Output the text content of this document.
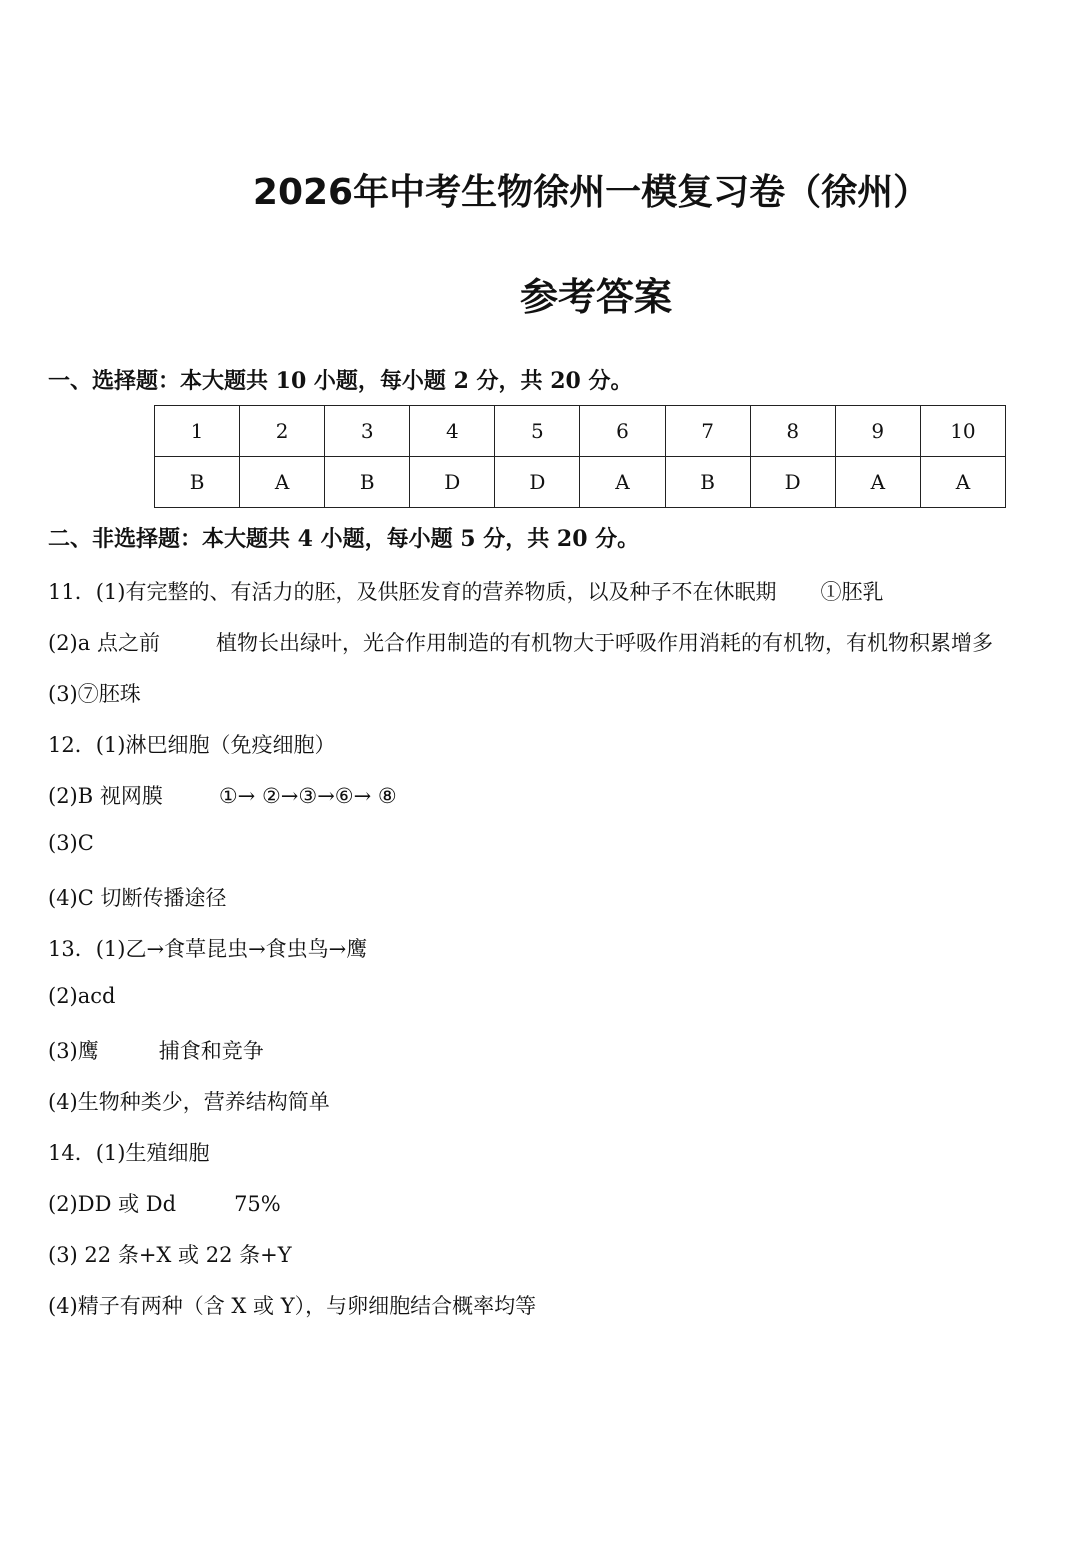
2026年中考生物徐州一模复习卷（徐州）
参考答案

一、选择题：本大题共 10 小题，每小题 2 分，共 20 分。

1	2	3	4	5	6	7	8	9	10
B	A	B	D	D	A	B	D	A	A

二、非选择题：本大题共 4 小题，每小题 5 分，共 20 分。

11．(1)有完整的、有活力的胚，及供胚发育的营养物质，以及种子不在休眠期 ①胚乳

(2)a 点之前	植物长出绿叶，光合作用制造的有机物大于呼吸作用消耗的有机物，有机物积累增多

(3)⑦胚珠

12．(1)淋巴细胞（免疫细胞）

(2)B 视网膜	①→ ②→③→⑥→ ⑧

(3)C

(4)C 切断传播途径

13．(1)乙→食草昆虫→食虫鸟→鹰

(2)acd

(3)鹰	捕食和竞争

(4)生物种类少，营养结构简单

14．(1)生殖细胞

(2)DD 或 Dd	75%

(3) 22 条+X 或 22 条+Y

(4)精子有两种（含 X 或 Y），与卵细胞结合概率均等
